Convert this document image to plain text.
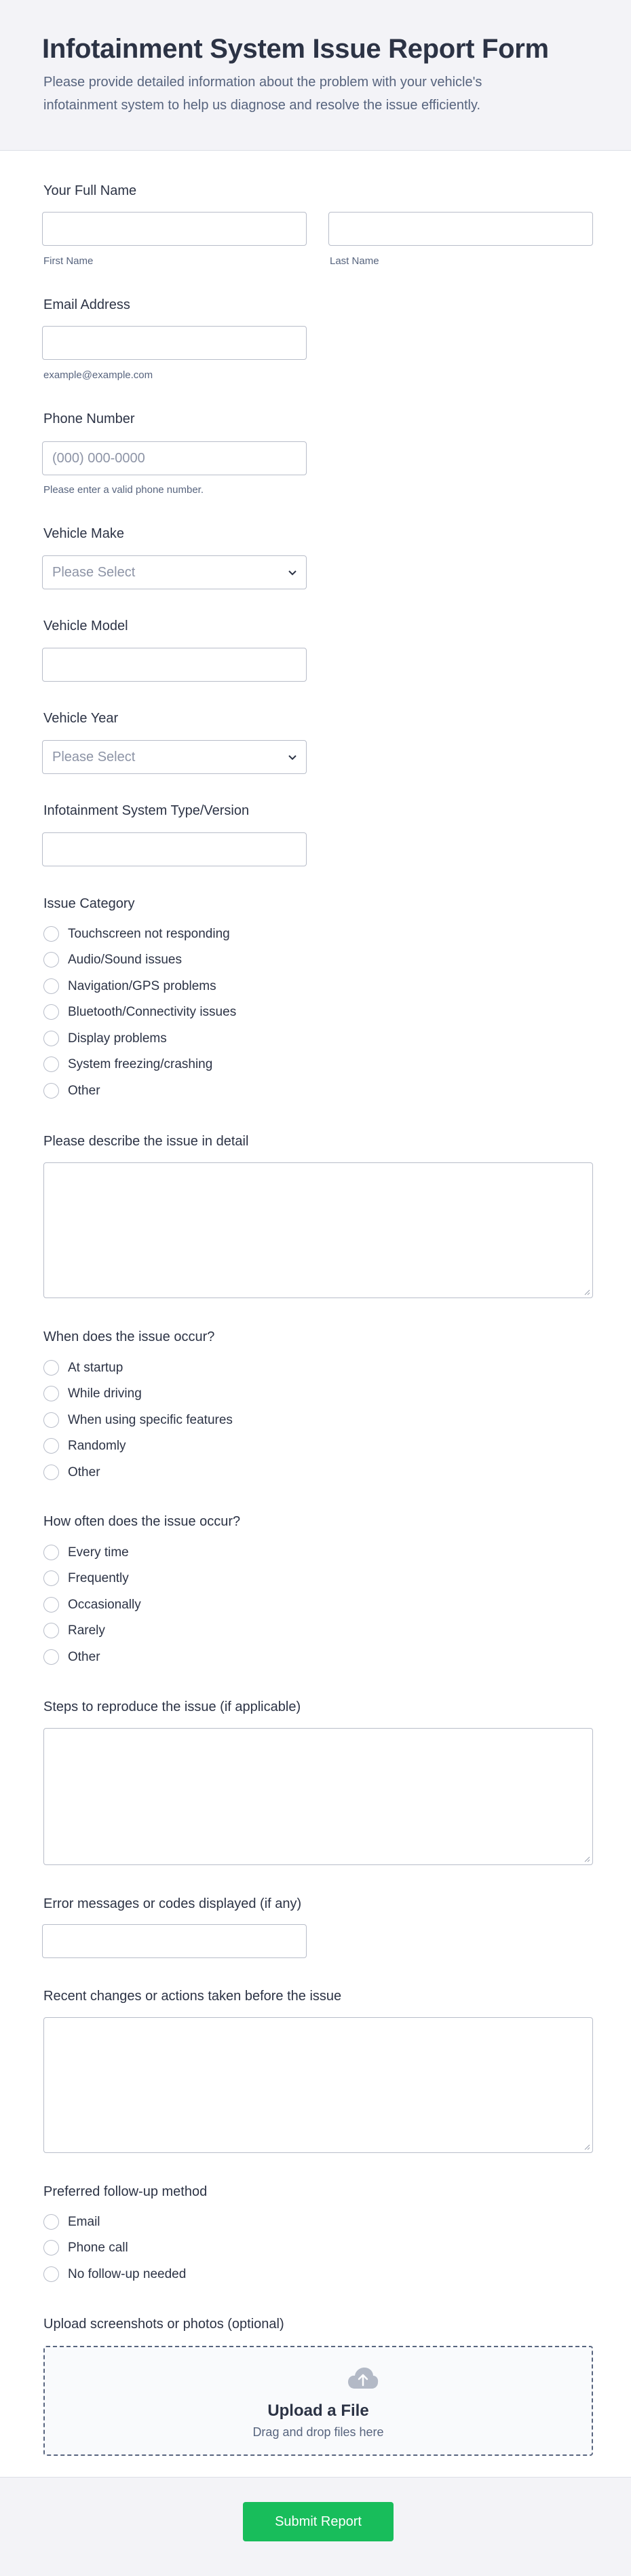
Infotainment System Issue Report Form

Please provide detailed information about the problem with your vehicle's infotainment system to help us diagnose and resolve the issue efficiently.

Your Full Name
First Name	Last Name
Email Address
example@example.com
Phone Number
(000) 000-0000
Please enter a valid phone number.
Vehicle Make
Please Select
Vehicle Model
Vehicle Year
Please Select
Infotainment System Type/Version
Issue Category
Touchscreen not responding
Audio/Sound issues
Navigation/GPS problems
Bluetooth/Connectivity issues
Display problems
System freezing/crashing
Other
Please describe the issue in detail
When does the issue occur?
At startup
While driving
When using specific features
Randomly
Other
How often does the issue occur?
Every time
Frequently
Occasionally
Rarely
Other
Steps to reproduce the issue (if applicable)
Error messages or codes displayed (if any)
Recent changes or actions taken before the issue
Preferred follow-up method
Email
Phone call
No follow-up needed
Upload screenshots or photos (optional)
Upload a File
Drag and drop files here
Submit Report
